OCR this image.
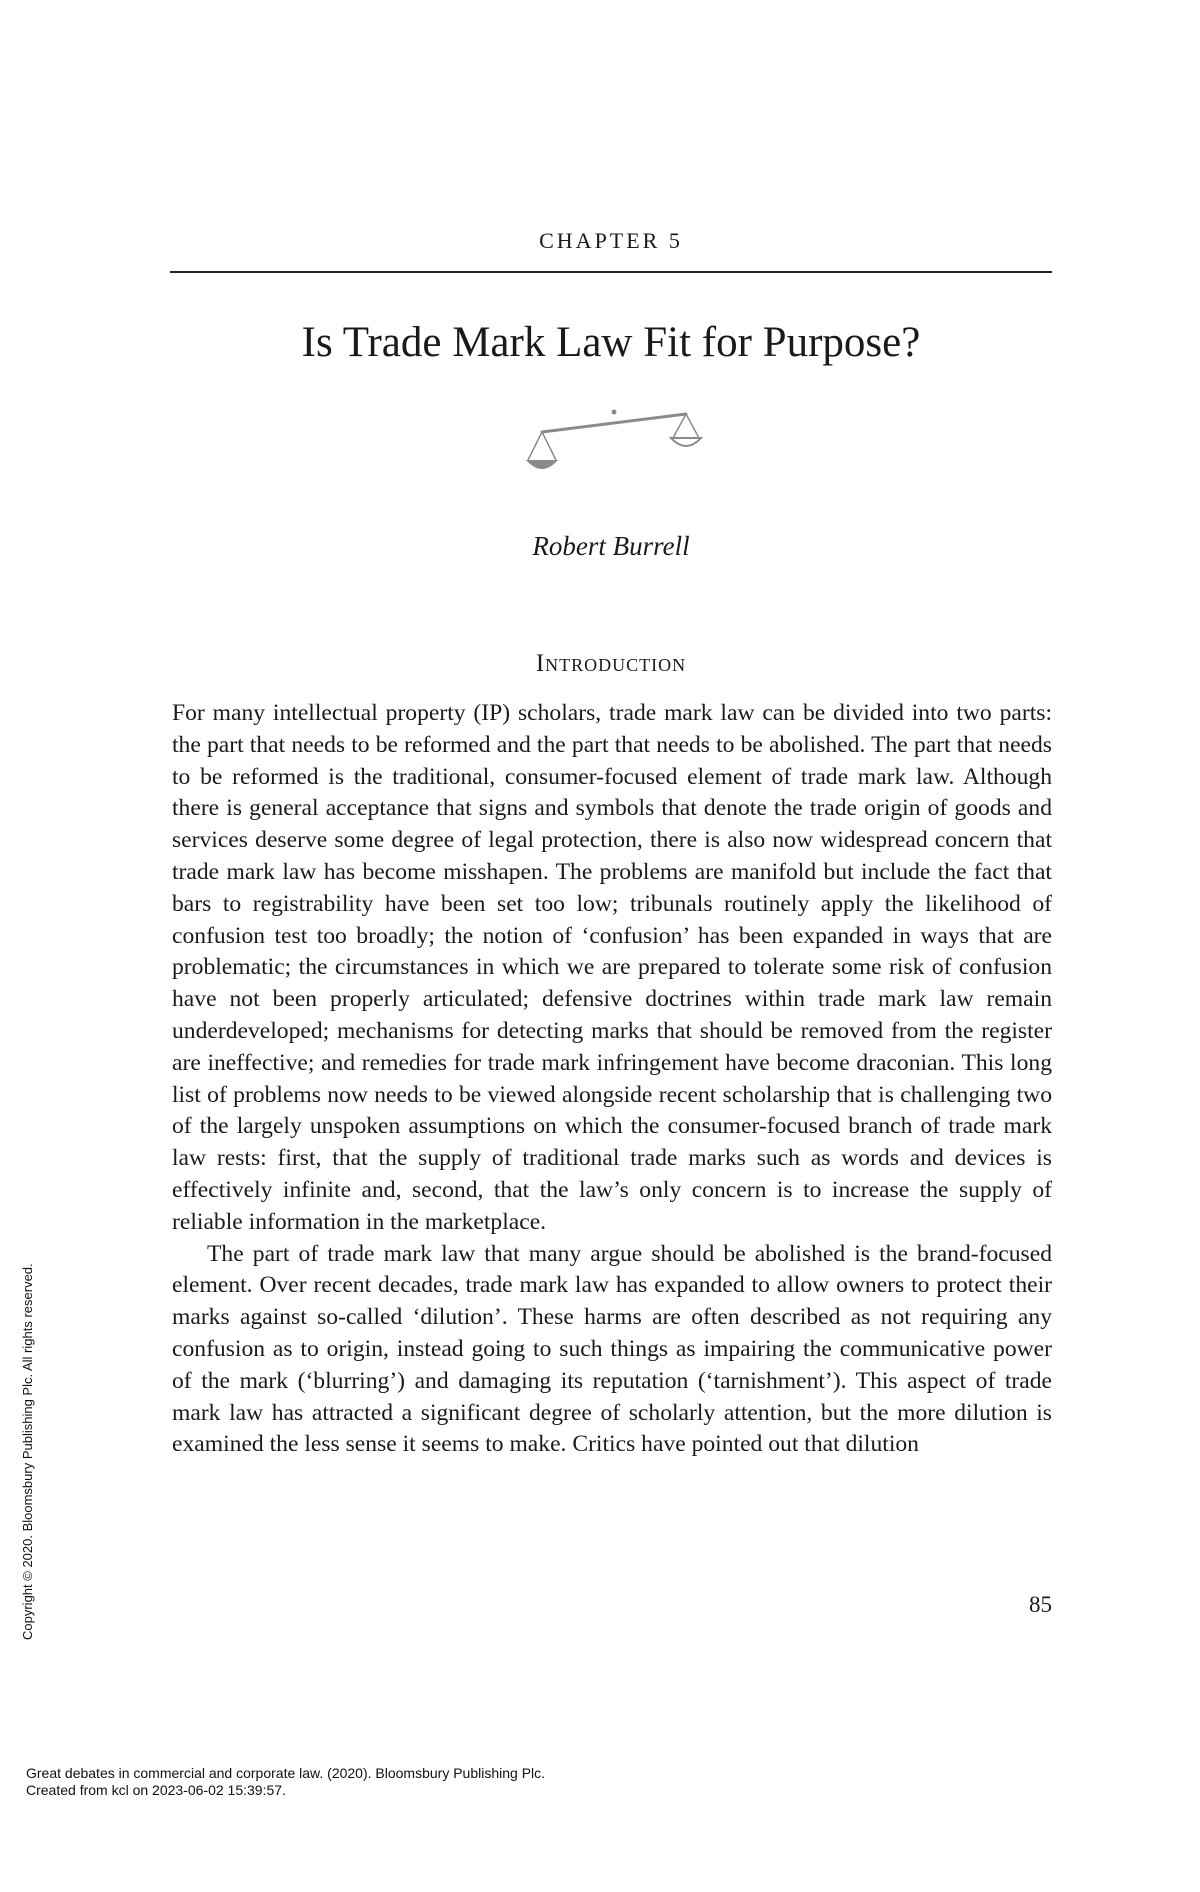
CHAPTER 5
Is Trade Mark Law Fit for Purpose?
Robert Burrell
Introduction

For many intellectual property (IP) scholars, trade mark law can be divided into two parts: the part that needs to be reformed and the part that needs to be abolished. The part that needs to be reformed is the traditional, consumer-focused element of trade mark law. Although there is general acceptance that signs and symbols that denote the trade origin of goods and services deserve some degree of legal protection, there is also now widespread concern that trade mark law has become misshapen. The problems are manifold but include the fact that bars to registrability have been set too low; tribunals routinely apply the likelihood of confusion test too broadly; the notion of ‘confusion’ has been expanded in ways that are problematic; the circumstances in which we are prepared to tolerate some risk of confusion have not been properly articulated; defensive doctrines within trade mark law remain underdeveloped; mechanisms for detecting marks that should be removed from the register are ineffective; and remedies for trade mark infringement have become draconian. This long list of problems now needs to be viewed alongside recent scholarship that is challenging two of the largely unspoken assumptions on which the consumer-focused branch of trade mark law rests: first, that the supply of traditional trade marks such as words and devices is effectively infinite and, second, that the law’s only concern is to increase the supply of reliable information in the marketplace.

The part of trade mark law that many argue should be abolished is the brand-focused element. Over recent decades, trade mark law has expanded to allow owners to protect their marks against so-called ‘dilution’. These harms are often described as not requiring any confusion as to origin, instead going to such things as impairing the communicative power of the mark (‘blurring’) and damaging its reputation (‘tarnishment’). This aspect of trade mark law has attracted a significant degree of scholarly attention, but the more dilution is examined the less sense it seems to make. Critics have pointed out that dilution

85
Copyright © 2020. Bloomsbury Publishing Plc. All rights reserved.
Great debates in commercial and corporate law. (2020). Bloomsbury Publishing Plc.
Created from kcl on 2023-06-02 15:39:57.
